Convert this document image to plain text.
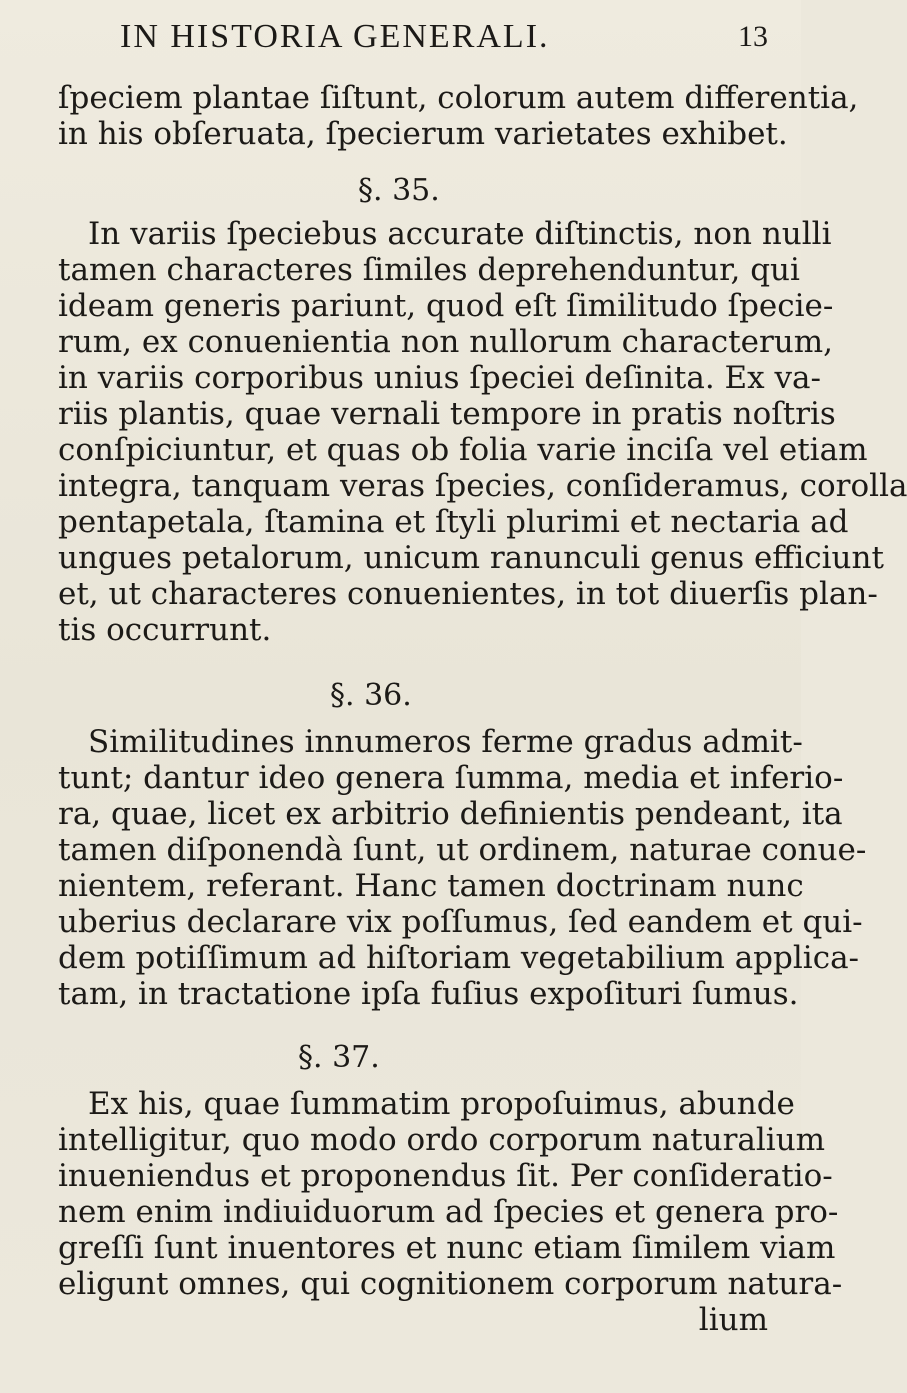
IN HISTORIA GENERALI.	13
ſpeciem plantae ſiſtunt, colorum autem differentia,
in his obſeruata, ſpecierum varietates exhibet.
§. 35.
In variis ſpeciebus accurate diſtinctis, non nulli
tamen characteres ſimiles deprehenduntur, qui
ideam generis pariunt, quod eſt ſimilitudo ſpecie-
rum, ex conuenientia non nullorum characterum,
in variis corporibus unius ſpeciei deſinita. Ex va-
riis plantis, quae vernali tempore in pratis noſtris
conſpiciuntur, et quas ob folia varie inciſa vel etiam
integra, tanquam veras ſpecies, conſideramus, corolla
pentapetala, ſtamina et ſtyli plurimi et nectaria ad
ungues petalorum, unicum ranunculi genus efficiunt
et, ut characteres conuenientes, in tot diuerſis plan-
tis occurrunt.
§. 36.
Similitudines innumeros ferme gradus admit-
tunt; dantur ideo genera ſumma, media et inferio-
ra, quae, licet ex arbitrio definientis pendeant, ita
tamen diſponendà ſunt, ut ordinem, naturae conue-
nientem, referant. Hanc tamen doctrinam nunc
uberius declarare vix poſſumus, ſed eandem et qui-
dem potiſſimum ad hiſtoriam vegetabilium applica-
tam, in tractatione ipſa fuſius expoſituri ſumus.
§. 37.
Ex his, quae ſummatim propoſuimus, abunde
intelligitur, quo modo ordo corporum naturalium
inueniendus et proponendus ſit. Per conſideratio-
nem enim indiuiduorum ad ſpecies et genera pro-
greſſi ſunt inuentores et nunc etiam ſimilem viam
eligunt omnes, qui cognitionem corporum natura-
lium
